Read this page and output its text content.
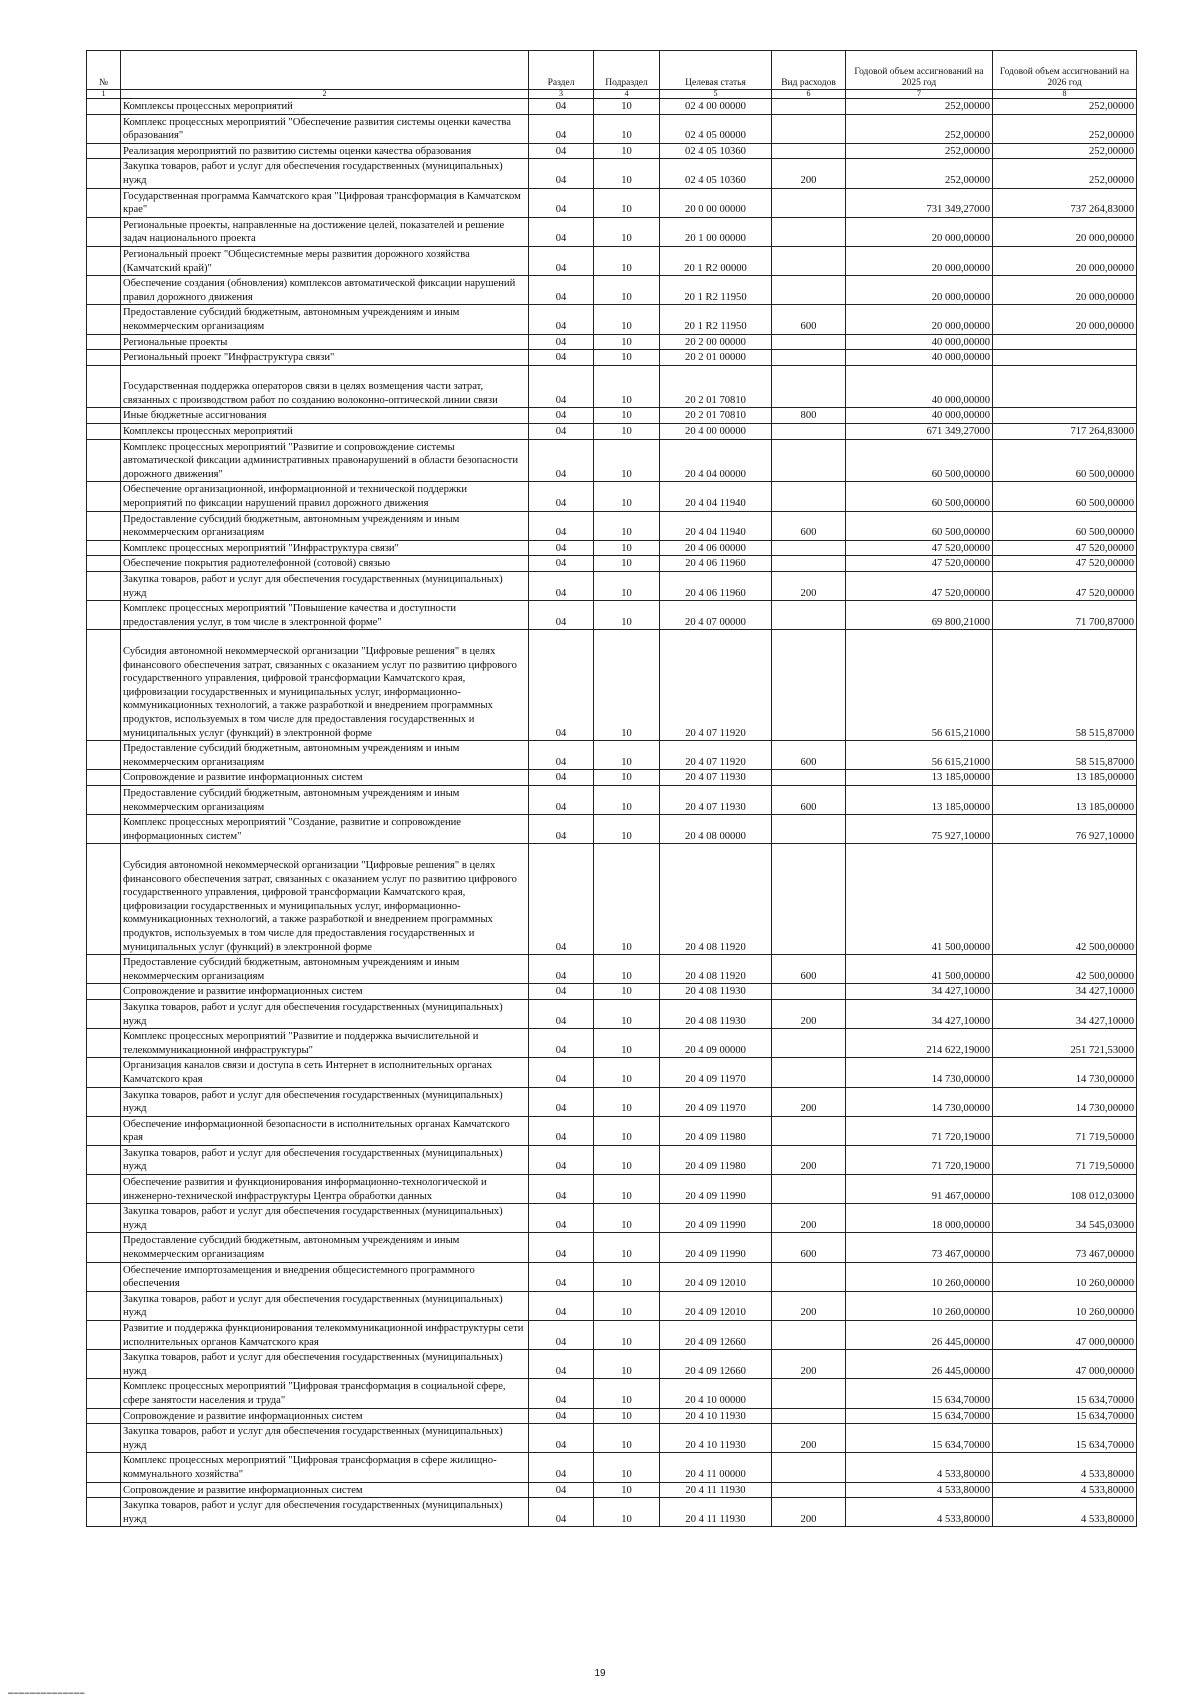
№		Раздел	Подраздел	Целевая статья	Вид расходов	Годовой объем ассигнований на 2025 год	Годовой объем ассигнований на 2026 год
1	2	3	4	5	6	7	8
	Комплексы процессных мероприятий	04	10	02 4 00 00000		252,00000	252,00000
	Комплекс процессных мероприятий "Обеспечение развития системы оценки качества образования"	04	10	02 4 05 00000		252,00000	252,00000
	Реализация мероприятий по развитию системы оценки качества образования	04	10	02 4 05 10360		252,00000	252,00000
	Закупка товаров, работ и услуг для обеспечения государственных (муниципальных) нужд	04	10	02 4 05 10360	200	252,00000	252,00000
	Государственная программа Камчатского края "Цифровая трансформация в Камчатском крае"	04	10	20 0 00 00000		731 349,27000	737 264,83000
	Региональные проекты, направленные на достижение целей, показателей и решение задач национального проекта	04	10	20 1 00 00000		20 000,00000	20 000,00000
	Региональный проект "Общесистемные меры развития дорожного хозяйства (Камчатский край)"	04	10	20 1 R2 00000		20 000,00000	20 000,00000
	Обеспечение создания (обновления) комплексов автоматической фиксации нарушений правил дорожного движения	04	10	20 1 R2 11950		20 000,00000	20 000,00000
	Предоставление субсидий бюджетным, автономным учреждениям и иным некоммерческим организациям	04	10	20 1 R2 11950	600	20 000,00000	20 000,00000
	Региональные проекты	04	10	20 2 00 00000		40 000,00000	
	Региональный проект "Инфраструктура связи"	04	10	20 2 01 00000		40 000,00000	
	Государственная поддержка операторов связи в целях возмещения части затрат, связанных с производством работ по созданию волоконно-оптической линии связи	04	10	20 2 01 70810		40 000,00000	
	Иные бюджетные ассигнования	04	10	20 2 01 70810	800	40 000,00000	
	Комплексы процессных мероприятий	04	10	20 4 00 00000		671 349,27000	717 264,83000
	Комплекс процессных мероприятий "Развитие и сопровождение системы автоматической фиксации административных правонарушений в области безопасности дорожного движения"	04	10	20 4 04 00000		60 500,00000	60 500,00000
	Обеспечение организационной, информационной и технической поддержки мероприятий по фиксации нарушений правил дорожного движения	04	10	20 4 04 11940		60 500,00000	60 500,00000
	Предоставление субсидий бюджетным, автономным учреждениям и иным некоммерческим организациям	04	10	20 4 04 11940	600	60 500,00000	60 500,00000
	Комплекс процессных мероприятий "Инфраструктура связи"	04	10	20 4 06 00000		47 520,00000	47 520,00000
	Обеспечение покрытия радиотелефонной (сотовой) связью	04	10	20 4 06 11960		47 520,00000	47 520,00000
	Закупка товаров, работ и услуг для обеспечения государственных (муниципальных) нужд	04	10	20 4 06 11960	200	47 520,00000	47 520,00000
	Комплекс процессных мероприятий "Повышение качества и доступности предоставления услуг, в том числе в электронной форме"	04	10	20 4 07 00000		69 800,21000	71 700,87000
	Субсидия автономной некоммерческой организации "Цифровые решения" в целях финансового обеспечения затрат, связанных с оказанием услуг по развитию цифрового государственного управления, цифровой трансформации Камчатского края, цифровизации государственных и муниципальных услуг, информационно-коммуникационных технологий, а также разработкой и внедрением программных продуктов, используемых в том числе для предоставления государственных и муниципальных услуг (функций) в электронной форме	04	10	20 4 07 11920		56 615,21000	58 515,87000
	Предоставление субсидий бюджетным, автономным учреждениям и иным некоммерческим организациям	04	10	20 4 07 11920	600	56 615,21000	58 515,87000
	Сопровождение и развитие информационных систем	04	10	20 4 07 11930		13 185,00000	13 185,00000
	Предоставление субсидий бюджетным, автономным учреждениям и иным некоммерческим организациям	04	10	20 4 07 11930	600	13 185,00000	13 185,00000
	Комплекс процессных мероприятий "Создание, развитие и сопровождение информационных систем"	04	10	20 4 08 00000		75 927,10000	76 927,10000
	Субсидия автономной некоммерческой организации "Цифровые решения" в целях финансового обеспечения затрат, связанных с оказанием услуг по развитию цифрового государственного управления, цифровой трансформации Камчатского края, цифровизации государственных и муниципальных услуг, информационно-коммуникационных технологий, а также разработкой и внедрением программных продуктов, используемых в том числе для предоставления государственных и муниципальных услуг (функций) в электронной форме	04	10	20 4 08 11920		41 500,00000	42 500,00000
	Предоставление субсидий бюджетным, автономным учреждениям и иным некоммерческим организациям	04	10	20 4 08 11920	600	41 500,00000	42 500,00000
	Сопровождение и развитие информационных систем	04	10	20 4 08 11930		34 427,10000	34 427,10000
	Закупка товаров, работ и услуг для обеспечения государственных (муниципальных) нужд	04	10	20 4 08 11930	200	34 427,10000	34 427,10000
	Комплекс процессных мероприятий "Развитие и поддержка вычислительной и телекоммуникационной инфраструктуры"	04	10	20 4 09 00000		214 622,19000	251 721,53000
	Организация каналов связи и доступа в сеть Интернет в исполнительных органах Камчатского края	04	10	20 4 09 11970		14 730,00000	14 730,00000
	Закупка товаров, работ и услуг для обеспечения государственных (муниципальных) нужд	04	10	20 4 09 11970	200	14 730,00000	14 730,00000
	Обеспечение информационной безопасности в исполнительных органах Камчатского края	04	10	20 4 09 11980		71 720,19000	71 719,50000
	Закупка товаров, работ и услуг для обеспечения государственных (муниципальных) нужд	04	10	20 4 09 11980	200	71 720,19000	71 719,50000
	Обеспечение развития и функционирования информационно-технологической и инженерно-технической инфраструктуры Центра обработки данных	04	10	20 4 09 11990		91 467,00000	108 012,03000
	Закупка товаров, работ и услуг для обеспечения государственных (муниципальных) нужд	04	10	20 4 09 11990	200	18 000,00000	34 545,03000
	Предоставление субсидий бюджетным, автономным учреждениям и иным некоммерческим организациям	04	10	20 4 09 11990	600	73 467,00000	73 467,00000
	Обеспечение импортозамещения и внедрения общесистемного программного обеспечения	04	10	20 4 09 12010		10 260,00000	10 260,00000
	Закупка товаров, работ и услуг для обеспечения государственных (муниципальных) нужд	04	10	20 4 09 12010	200	10 260,00000	10 260,00000
	Развитие и поддержка функционирования телекоммуникационной инфраструктуры сети исполнительных органов Камчатского края	04	10	20 4 09 12660		26 445,00000	47 000,00000
	Закупка товаров, работ и услуг для обеспечения государственных (муниципальных) нужд	04	10	20 4 09 12660	200	26 445,00000	47 000,00000
	Комплекс процессных мероприятий "Цифровая трансформация в социальной сфере, сфере занятости населения и труда"	04	10	20 4 10 00000		15 634,70000	15 634,70000
	Сопровождение и развитие информационных систем	04	10	20 4 10 11930		15 634,70000	15 634,70000
	Закупка товаров, работ и услуг для обеспечения государственных (муниципальных) нужд	04	10	20 4 10 11930	200	15 634,70000	15 634,70000
	Комплекс процессных мероприятий "Цифровая трансформация в сфере жилищно-коммунального хозяйства"	04	10	20 4 11 00000		4 533,80000	4 533,80000
	Сопровождение и развитие информационных систем	04	10	20 4 11 11930		4 533,80000	4 533,80000
	Закупка товаров, работ и услуг для обеспечения государственных (муниципальных) нужд	04	10	20 4 11 11930	200	4 533,80000	4 533,80000
19
▬▬▬▬▬▬▬▬▬▬▬▬▬▬
